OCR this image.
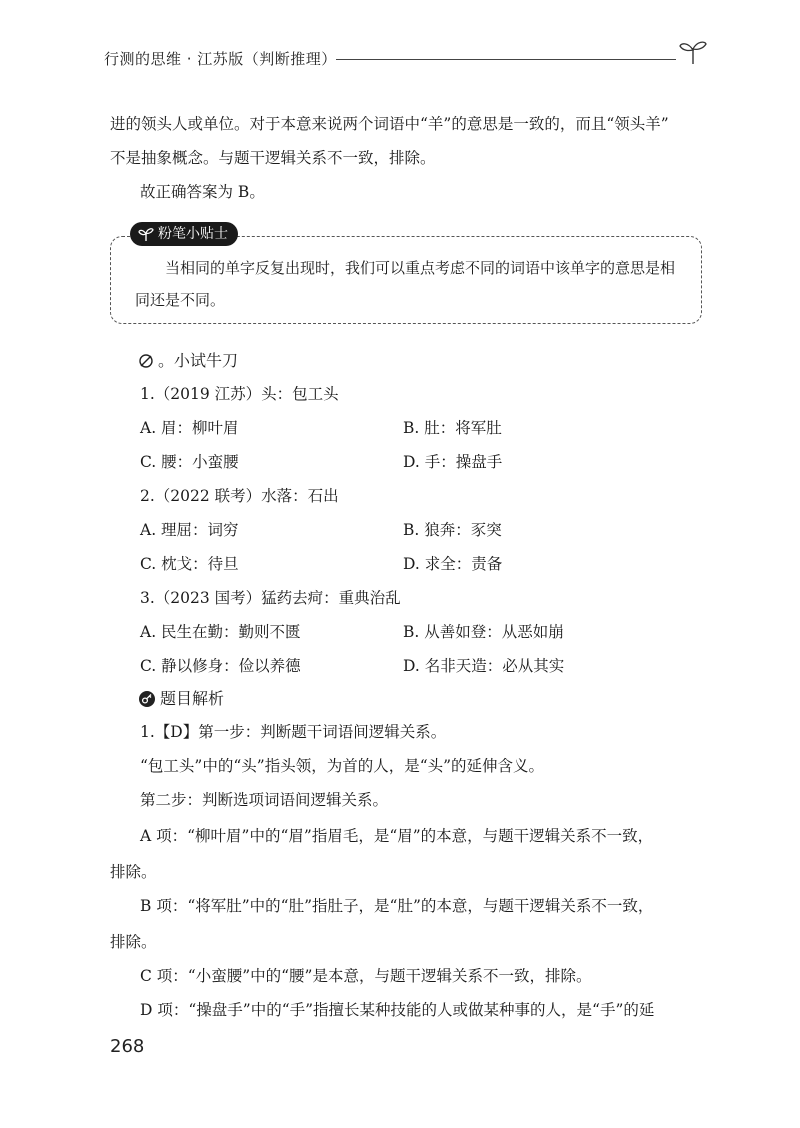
行测的思维 · 江苏版（判断推理）
进的领头人或单位。对于本意来说两个词语中“羊”的意思是一致的，而且“领头羊”
不是抽象概念。与题干逻辑关系不一致，排除。
故正确答案为 B。
粉笔小贴士
当相同的单字反复出现时，我们可以重点考虑不同的词语中该单字的意思是相
同还是不同。
。小试牛刀
1.（2019 江苏）头：包工头
A. 眉：柳叶眉	B. 肚：将军肚
C. 腰：小蛮腰	D. 手：操盘手
2.（2022 联考）水落：石出
A. 理屈：词穷	B. 狼奔：豕突
C. 枕戈：待旦	D. 求全：责备
3.（2023 国考）猛药去疴：重典治乱
A. 民生在勤：勤则不匮	B. 从善如登：从恶如崩
C. 静以修身：俭以养德	D. 名非天造：必从其实
题目解析
1.【D】第一步：判断题干词语间逻辑关系。
“包工头”中的“头”指头领，为首的人，是“头”的延伸含义。
第二步：判断选项词语间逻辑关系。
A 项：“柳叶眉”中的“眉”指眉毛，是“眉”的本意，与题干逻辑关系不一致，
排除。
B 项：“将军肚”中的“肚”指肚子，是“肚”的本意，与题干逻辑关系不一致，
排除。
C 项：“小蛮腰”中的“腰”是本意，与题干逻辑关系不一致，排除。
D 项：“操盘手”中的“手”指擅长某种技能的人或做某种事的人，是“手”的延
268
